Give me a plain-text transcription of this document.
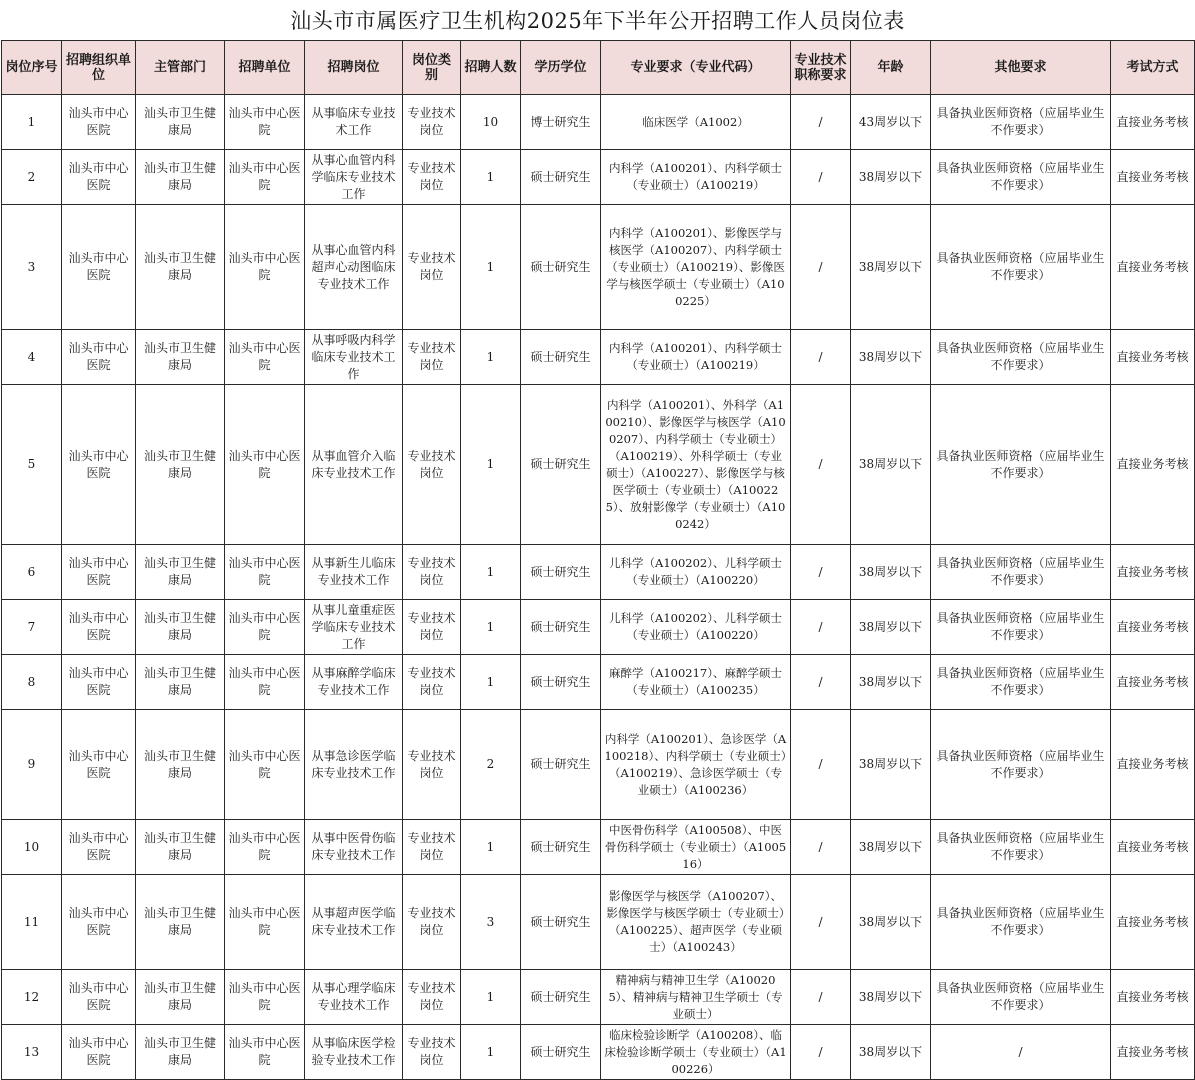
汕头市市属医疗卫生机构2025年下半年公开招聘工作人员岗位表
岗位序号	招聘组织单位	主管部门	招聘单位	招聘岗位	岗位类别	招聘人数	学历学位	专业要求（专业代码）	专业技术职称要求	年龄	其他要求	考试方式
1	汕头市中心医院	汕头市卫生健康局	汕头市中心医院	从事临床专业技术工作	专业技术岗位	10	博士研究生	临床医学（A1002）	/	43周岁以下	具备执业医师资格（应届毕业生不作要求）	直接业务考核
2	汕头市中心医院	汕头市卫生健康局	汕头市中心医院	从事心血管内科学临床专业技术工作	专业技术岗位	1	硕士研究生	内科学（A100201）、内科学硕士（专业硕士）（A100219）	/	38周岁以下	具备执业医师资格（应届毕业生不作要求）	直接业务考核
3	汕头市中心医院	汕头市卫生健康局	汕头市中心医院	从事心血管内科超声心动图临床专业技术工作	专业技术岗位	1	硕士研究生	内科学（A100201）、影像医学与核医学（A100207）、内科学硕士（专业硕士）（A100219）、影像医学与核医学硕士（专业硕士）（A100225）	/	38周岁以下	具备执业医师资格（应届毕业生不作要求）	直接业务考核
4	汕头市中心医院	汕头市卫生健康局	汕头市中心医院	从事呼吸内科学临床专业技术工作	专业技术岗位	1	硕士研究生	内科学（A100201）、内科学硕士（专业硕士）（A100219）	/	38周岁以下	具备执业医师资格（应届毕业生不作要求）	直接业务考核
5	汕头市中心医院	汕头市卫生健康局	汕头市中心医院	从事血管介入临床专业技术工作	专业技术岗位	1	硕士研究生	内科学（A100201）、外科学（A100210）、影像医学与核医学（A100207）、内科学硕士（专业硕士）（A100219）、外科学硕士（专业硕士）（A100227）、影像医学与核医学硕士（专业硕士）（A100225）、放射影像学（专业硕士）（A100242）	/	38周岁以下	具备执业医师资格（应届毕业生不作要求）	直接业务考核
6	汕头市中心医院	汕头市卫生健康局	汕头市中心医院	从事新生儿临床专业技术工作	专业技术岗位	1	硕士研究生	儿科学（A100202）、儿科学硕士（专业硕士）（A100220）	/	38周岁以下	具备执业医师资格（应届毕业生不作要求）	直接业务考核
7	汕头市中心医院	汕头市卫生健康局	汕头市中心医院	从事儿童重症医学临床专业技术工作	专业技术岗位	1	硕士研究生	儿科学（A100202）、儿科学硕士（专业硕士）（A100220）	/	38周岁以下	具备执业医师资格（应届毕业生不作要求）	直接业务考核
8	汕头市中心医院	汕头市卫生健康局	汕头市中心医院	从事麻醉学临床专业技术工作	专业技术岗位	1	硕士研究生	麻醉学（A100217）、麻醉学硕士（专业硕士）（A100235）	/	38周岁以下	具备执业医师资格（应届毕业生不作要求）	直接业务考核
9	汕头市中心医院	汕头市卫生健康局	汕头市中心医院	从事急诊医学临床专业技术工作	专业技术岗位	2	硕士研究生	内科学（A100201）、急诊医学（A100218）、内科学硕士（专业硕士）（A100219）、急诊医学硕士（专业硕士）（A100236）	/	38周岁以下	具备执业医师资格（应届毕业生不作要求）	直接业务考核
10	汕头市中心医院	汕头市卫生健康局	汕头市中心医院	从事中医骨伤临床专业技术工作	专业技术岗位	1	硕士研究生	中医骨伤科学（A100508）、中医骨伤科学硕士（专业硕士）（A100516）	/	38周岁以下	具备执业医师资格（应届毕业生不作要求）	直接业务考核
11	汕头市中心医院	汕头市卫生健康局	汕头市中心医院	从事超声医学临床专业技术工作	专业技术岗位	3	硕士研究生	影像医学与核医学（A100207）、影像医学与核医学硕士（专业硕士）（A100225）、超声医学（专业硕士）（A100243）	/	38周岁以下	具备执业医师资格（应届毕业生不作要求）	直接业务考核
12	汕头市中心医院	汕头市卫生健康局	汕头市中心医院	从事心理学临床专业技术工作	专业技术岗位	1	硕士研究生	精神病与精神卫生学（A100205）、精神病与精神卫生学硕士（专业硕士）	/	38周岁以下	具备执业医师资格（应届毕业生不作要求）	直接业务考核
13	汕头市中心医院	汕头市卫生健康局	汕头市中心医院	从事临床医学检验专业技术工作	专业技术岗位	1	硕士研究生	临床检验诊断学（A100208）、临床检验诊断学硕士（专业硕士）（A100226）	/	38周岁以下	/	直接业务考核
